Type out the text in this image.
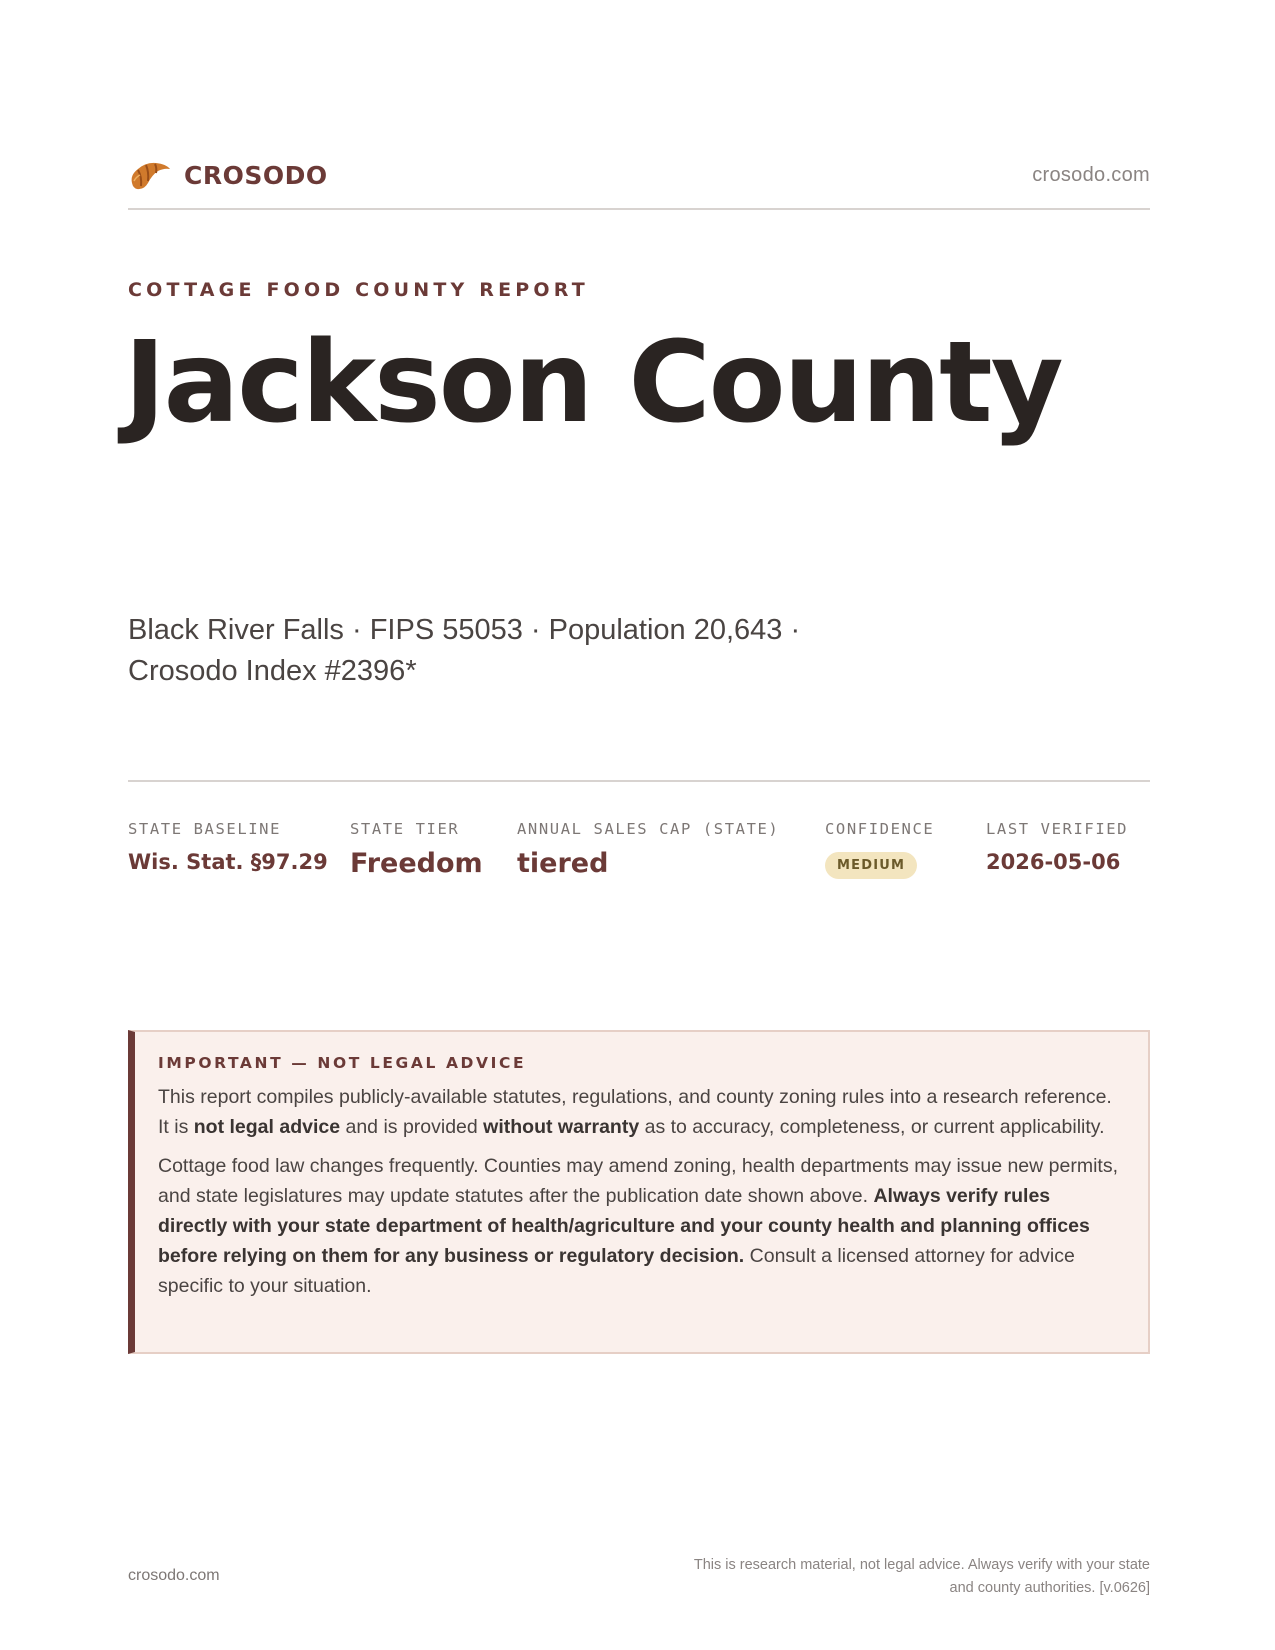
CROSODO	crosodo.com
COTTAGE FOOD COUNTY REPORT
Jackson County
Black River Falls · FIPS 55053 · Population 20,643 ·
Crosodo Index #2396*
STATE BASELINE
Wis. Stat. §97.29
STATE TIER
Freedom
ANNUAL SALES CAP (STATE)
tiered
CONFIDENCE
MEDIUM
LAST VERIFIED
2026-05-06
IMPORTANT — NOT LEGAL ADVICE

This report compiles publicly-available statutes, regulations, and county zoning rules into a research reference. It is not legal advice and is provided without warranty as to accuracy, completeness, or current applicability.

Cottage food law changes frequently. Counties may amend zoning, health departments may issue new permits, and state legislatures may update statutes after the publication date shown above. Always verify rules directly with your state department of health/agriculture and your county health and planning offices before relying on them for any business or regulatory decision. Consult a licensed attorney for advice specific to your situation.

crosodo.com
This is research material, not legal advice. Always verify with your state
and county authorities. [v.0626]
